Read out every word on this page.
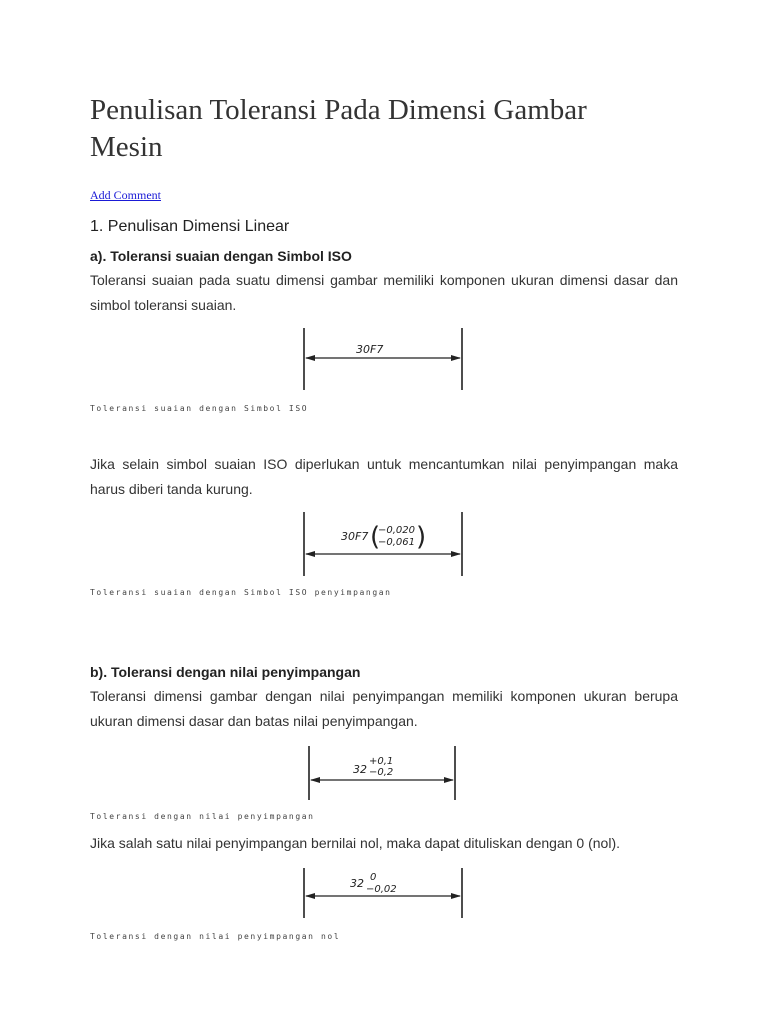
Penulisan Toleransi Pada Dimensi Gambar Mesin
Add Comment
1. Penulisan Dimensi Linear
a). Toleransi suaian dengan Simbol ISO

Toleransi suaian pada suatu dimensi gambar memiliki komponen ukuran dimensi dasar dan simbol toleransi suaian.

30F7

Toleransi suaian dengan Simbol ISO

Jika selain simbol suaian ISO diperlukan untuk mencantumkan nilai penyimpangan maka harus diberi tanda kurung.

30F7 (
−0,020
−0,061 )

Toleransi suaian dengan Simbol ISO penyimpangan

b). Toleransi dengan nilai penyimpangan

Toleransi dimensi gambar dengan nilai penyimpangan memiliki komponen ukuran berupa ukuran dimensi dasar dan batas nilai penyimpangan.

32
+0,1
−0,2

Toleransi dengan nilai penyimpangan

Jika salah satu nilai penyimpangan bernilai nol, maka dapat dituliskan dengan 0 (nol).

32 0
−0,02

Toleransi dengan nilai penyimpangan nol
